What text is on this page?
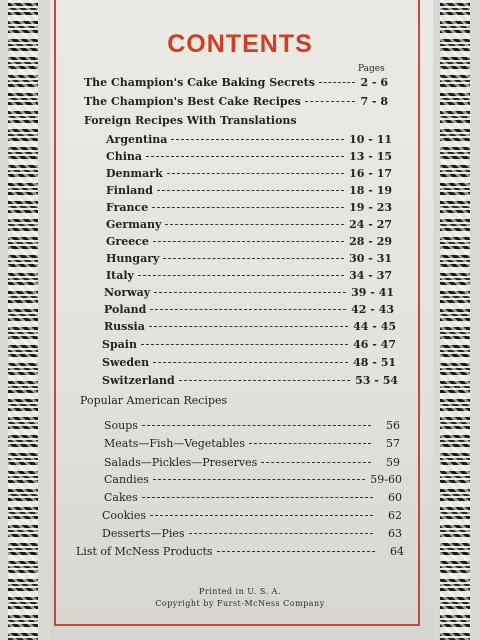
CONTENTS
Pages
The Champion's Cake Baking Secrets	2 - 6
The Champion's Best Cake Recipes	7 - 8
Foreign Recipes With Translations
Argentina	10 - 11
China	13 - 15
Denmark	16 - 17
Finland	18 - 19
France	19 - 23
Germany	24 - 27
Greece	28 - 29
Hungary	30 - 31
Italy	34 - 37
Norway	39 - 41
Poland	42 - 43
Russia	44 - 45
Spain	46 - 47
Sweden	48 - 51
Switzerland	53 - 54
Popular American Recipes
Soups	56
Meats—Fish—Vegetables	57
Salads—Pickles—Preserves	59
Candies	59-60
Cakes	60
Cookies	62
Desserts—Pies	63
List of McNess Products	64
Printed in U. S. A.
Copyright by Furst-McNess Company
